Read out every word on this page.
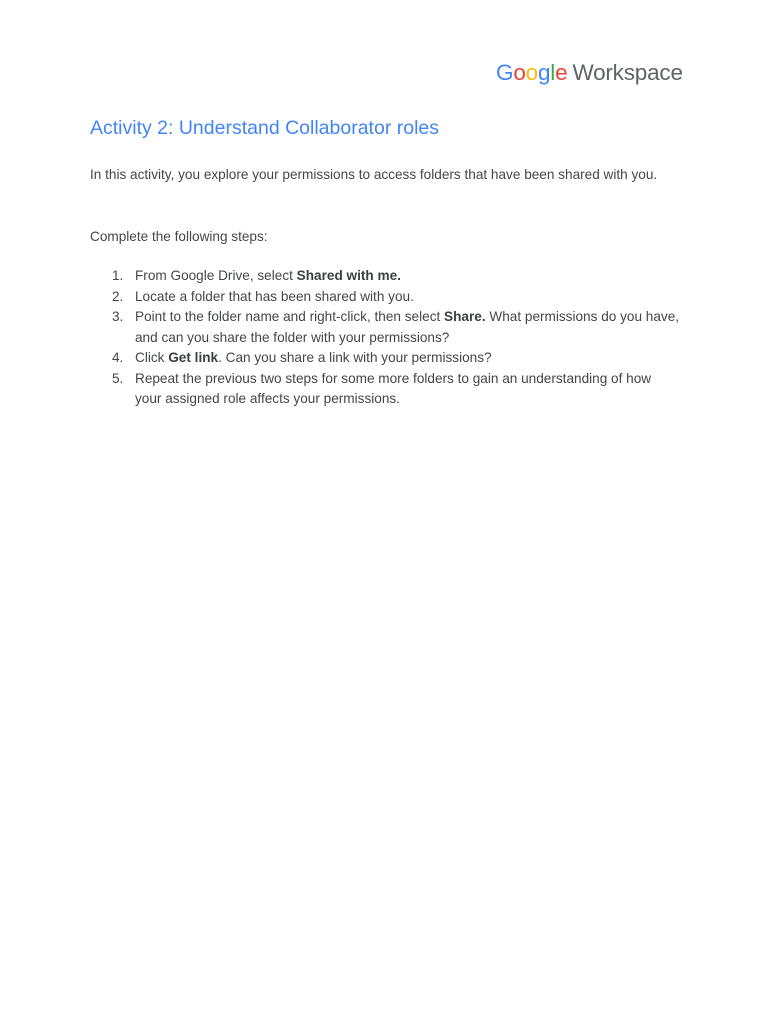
Google Workspace
Activity 2: Understand Collaborator roles

In this activity, you explore your permissions to access folders that have been shared with you.

Complete the following steps:

1. From Google Drive, select Shared with me.
2. Locate a folder that has been shared with you.
3. Point to the folder name and right-click, then select Share. What permissions do you have, and can you share the folder with your permissions?
4. Click Get link. Can you share a link with your permissions?
5. Repeat the previous two steps for some more folders to gain an understanding of how your assigned role affects your permissions.
